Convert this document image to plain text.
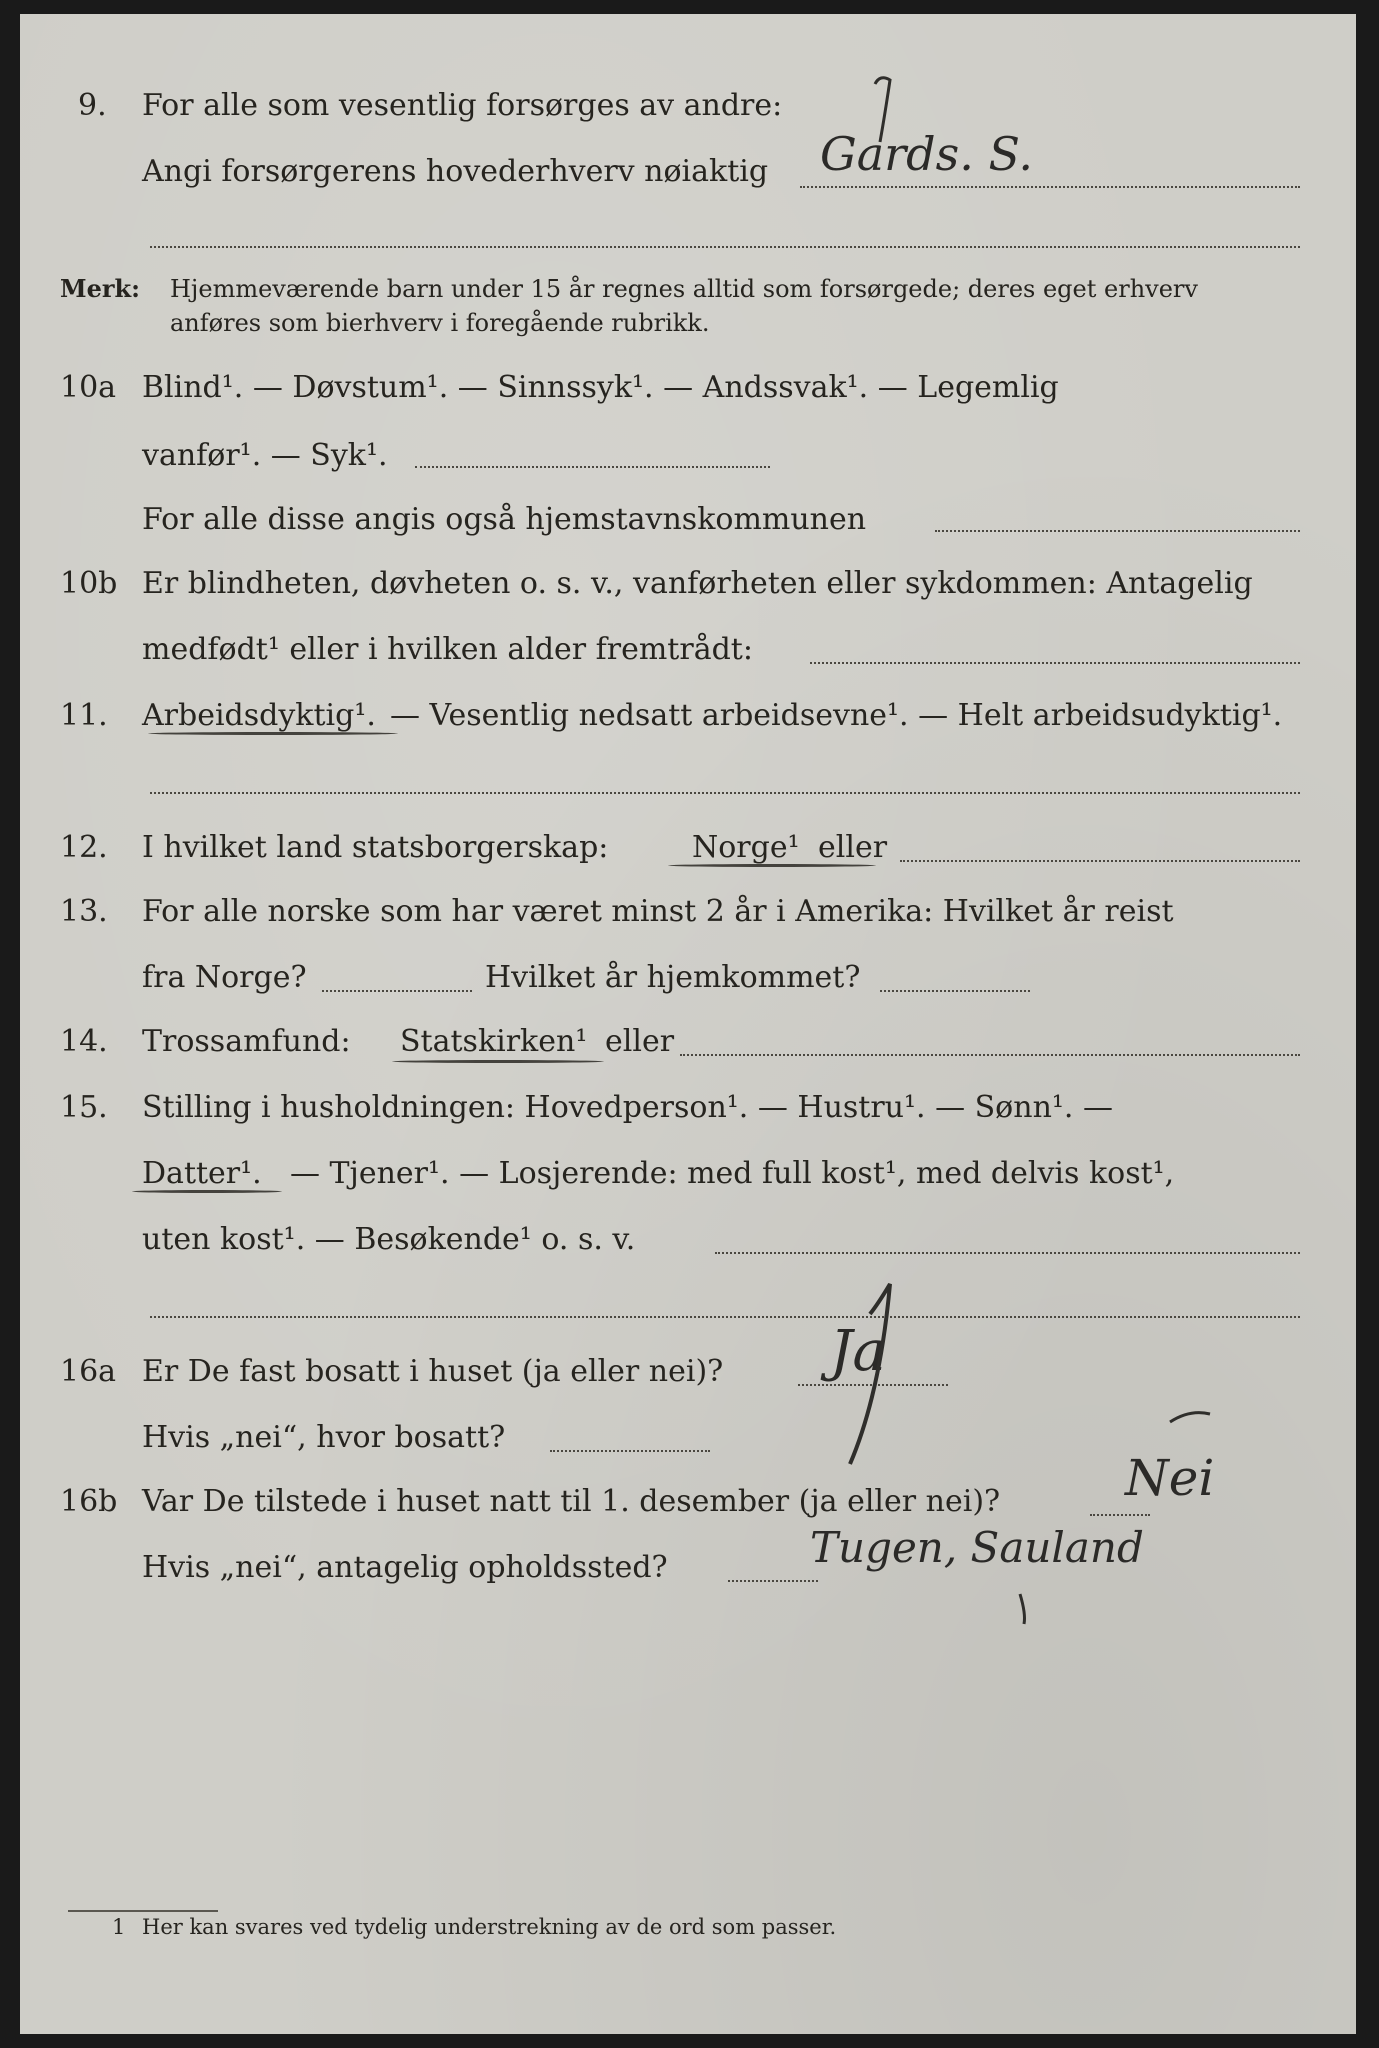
9. For alle som vesentlig forsørges av andre:
Angi forsørgerens hovederhverv nøiaktig Gards. S.
Merk: Hjemmeværende barn under 15 år regnes alltid som forsørgede; deres eget erhverv
anføres som bierhverv i foregående rubrikk.
10a Blind¹. — Døvstum¹. — Sinnssyk¹. — Andssvak¹. — Legemlig
vanfør¹. — Syk¹.
For alle disse angis også hjemstavnskommunen
10b Er blindheten, døvheten o. s. v., vanførheten eller sykdommen: Antagelig
medfødt¹ eller i hvilken alder fremtrådt:
11. Arbeidsdyktig¹. — Vesentlig nedsatt arbeidsevne¹. — Helt arbeidsudyktig¹.
12. I hvilket land statsborgerskap:	Norge¹ eller
13. For alle norske som har været minst 2 år i Amerika: Hvilket år reist
fra Norge?	Hvilket år hjemkommet?
14. Trossamfund: Statskirken¹ eller
15. Stilling i husholdningen: Hovedperson¹. — Hustru¹. — Sønn¹. —
Datter¹. — Tjener¹. — Losjerende: med full kost¹, med delvis kost¹,
uten kost¹. — Besøkende¹ o. s. v.
16a Er De fast bosatt i huset (ja eller nei)? Ja
Hvis „nei“, hvor bosatt?
16b Var De tilstede i huset natt til 1. desember (ja eller nei)? Nei
Hvis „nei“, antagelig opholdssted?	Tugen, Sauland
1 Her kan svares ved tydelig understrekning av de ord som passer.
